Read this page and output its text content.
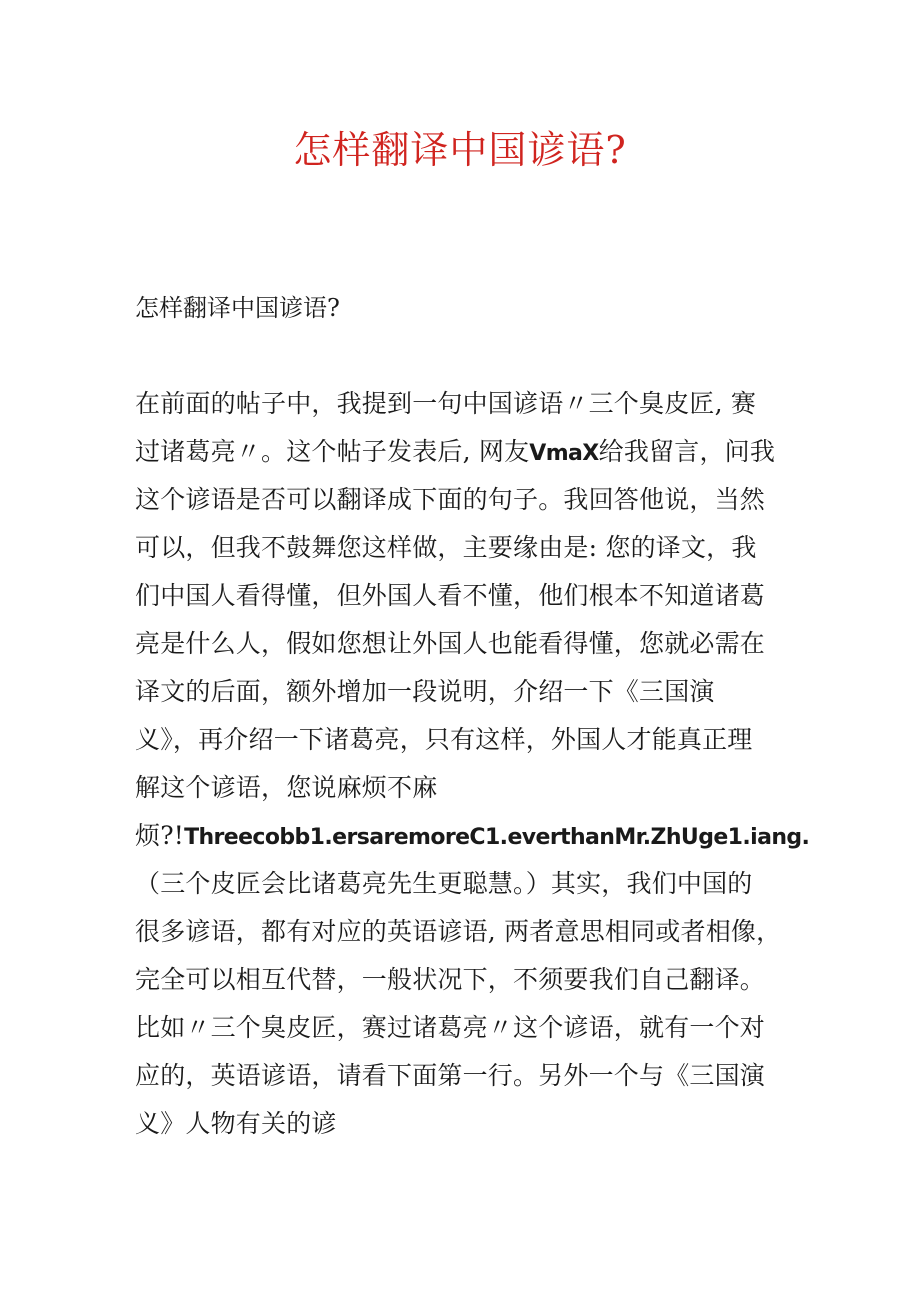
怎样翻译中国谚语?

怎样翻译中国谚语?

在前面的帖子中，我提到一句中国谚语〃三个臭皮匠, 赛
过诸葛亮〃。这个帖子发表后, 网友VmaX给我留言，问我
这个谚语是否可以翻译成下面的句子。我回答他说，当然
可以，但我不鼓舞您这样做，主要缘由是: 您的译文，我
们中国人看得懂，但外国人看不懂，他们根本不知道诸葛
亮是什么人，假如您想让外国人也能看得懂，您就必需在
译文的后面，额外增加一段说明，介绍一下《三国演
义》，再介绍一下诸葛亮，只有这样，外国人才能真正理
解这个谚语，您说麻烦不麻
烦?!Threecobb1.ersaremoreC1.everthanMr.ZhUge1.iang.
（三个皮匠会比诸葛亮先生更聪慧。）其实，我们中国的
很多谚语，都有对应的英语谚语, 两者意思相同或者相像，
完全可以相互代替，一般状况下，不须要我们自己翻译。
比如〃三个臭皮匠，赛过诸葛亮〃这个谚语，就有一个对
应的，英语谚语，请看下面第一行。另外一个与《三国演
义》人物有关的谚
